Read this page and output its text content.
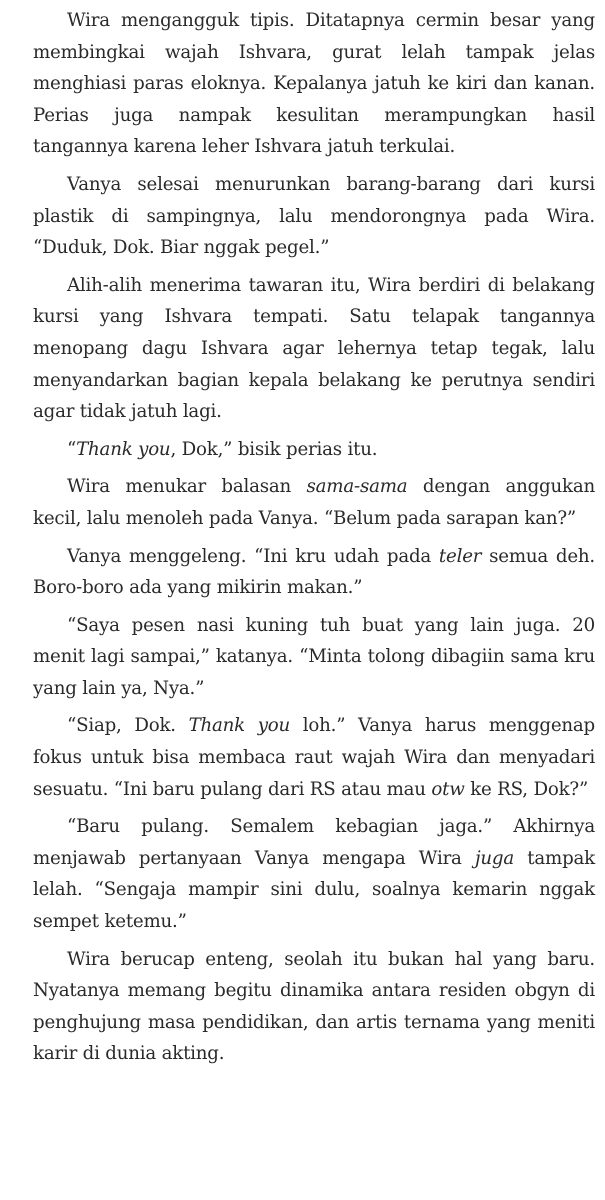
Wira mengangguk tipis. Ditatapnya cermin besar yang membingkai wajah Ishvara, gurat lelah tampak jelas menghiasi paras eloknya. Kepalanya jatuh ke kiri dan kanan. Perias juga nampak kesulitan merampungkan hasil tangannya karena leher Ishvara jatuh terkulai.

Vanya selesai menurunkan barang-barang dari kursi plastik di sampingnya, lalu mendorongnya pada Wira. “Duduk, Dok. Biar nggak pegel.”

Alih-alih menerima tawaran itu, Wira berdiri di belakang kursi yang Ishvara tempati. Satu telapak tangannya menopang dagu Ishvara agar lehernya tetap tegak, lalu menyandarkan bagian kepala belakang ke perutnya sendiri agar tidak jatuh lagi.

“Thank you, Dok,” bisik perias itu.

Wira menukar balasan sama-sama dengan anggukan kecil, lalu menoleh pada Vanya. “Belum pada sarapan kan?”

Vanya menggeleng. “Ini kru udah pada teler semua deh. Boro-boro ada yang mikirin makan.”

“Saya pesen nasi kuning tuh buat yang lain juga. 20 menit lagi sampai,” katanya. “Minta tolong dibagiin sama kru yang lain ya, Nya.”

“Siap, Dok. Thank you loh.” Vanya harus menggenap fokus untuk bisa membaca raut wajah Wira dan menyadari sesuatu. “Ini baru pulang dari RS atau mau otw ke RS, Dok?”

“Baru pulang. Semalem kebagian jaga.” Akhirnya menjawab pertanyaan Vanya mengapa Wira juga tampak lelah. “Sengaja mampir sini dulu, soalnya kemarin nggak sempet ketemu.”

Wira berucap enteng, seolah itu bukan hal yang baru. Nyatanya memang begitu dinamika antara residen obgyn di penghujung masa pendidikan, dan artis ternama yang meniti karir di dunia akting.
